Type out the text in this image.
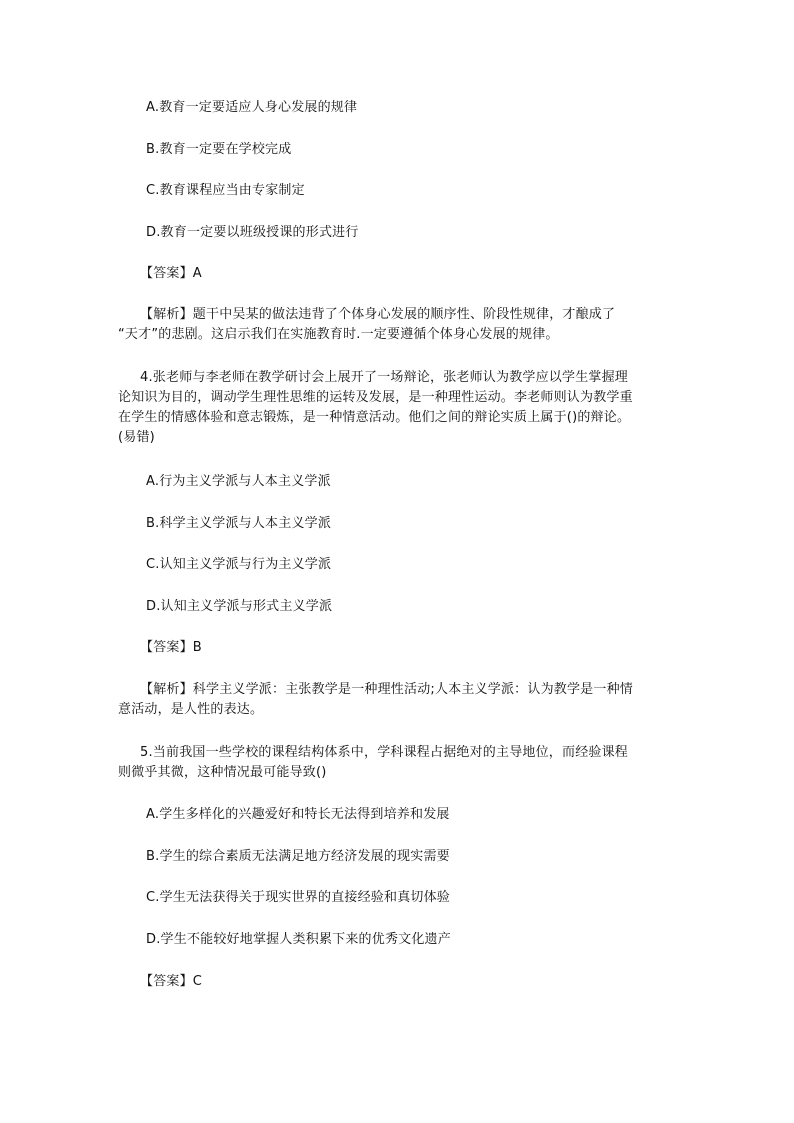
A.教育一定要适应人身心发展的规律
B.教育一定要在学校完成
C.教育课程应当由专家制定
D.教育一定要以班级授课的形式进行
【答案】A
【解析】题干中吴某的做法违背了个体身心发展的顺序性、阶段性规律，才酿成了
“天才”的悲剧。这启示我们在实施教育时.一定要遵循个体身心发展的规律。
4.张老师与李老师在教学研讨会上展开了一场辩论，张老师认为教学应以学生掌握理
论知识为目的，调动学生理性思维的运转及发展，是一种理性运动。李老师则认为教学重
在学生的情感体验和意志锻炼，是一种情意活动。他们之间的辩论实质上属于()的辩论。
(易错)
A.行为主义学派与人本主义学派
B.科学主义学派与人本主义学派
C.认知主义学派与行为主义学派
D.认知主义学派与形式主义学派
【答案】B
【解析】科学主义学派：主张教学是一种理性活动;人本主义学派：认为教学是一种情
意活动，是人性的表达。
5.当前我国一些学校的课程结构体系中，学科课程占据绝对的主导地位，而经验课程
则微乎其微，这种情况最可能导致()
A.学生多样化的兴趣爱好和特长无法得到培养和发展
B.学生的综合素质无法满足地方经济发展的现实需要
C.学生无法获得关于现实世界的直接经验和真切体验
D.学生不能较好地掌握人类积累下来的优秀文化遗产
【答案】C
